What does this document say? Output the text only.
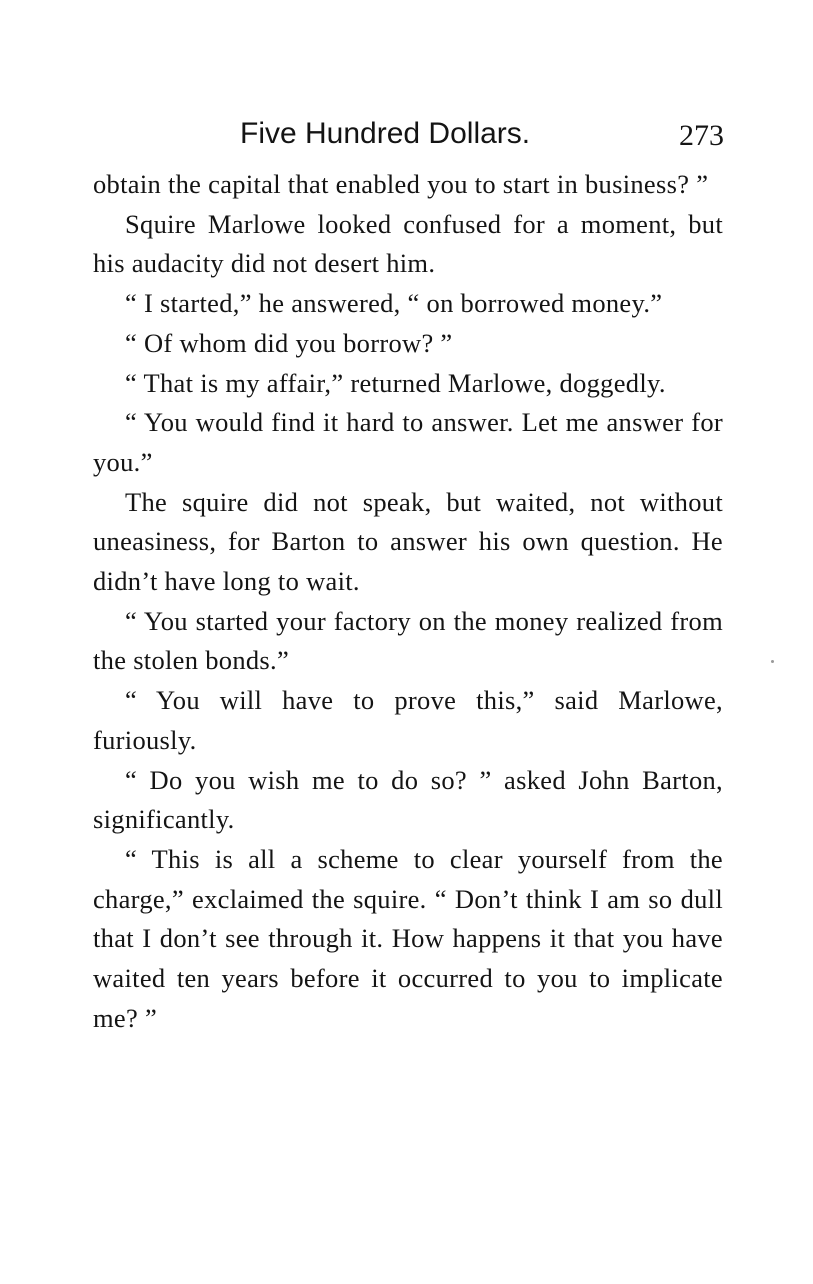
Five Hundred Dollars.	273

obtain the capital that enabled you to start in business? ”

Squire Marlowe looked confused for a moment, but his audacity did not desert him.

“ I started,” he answered, “ on borrowed money.”

“ Of whom did you borrow? ”

“ That is my affair,” returned Marlowe, doggedly.

“ You would find it hard to answer. Let me answer for you.”

The squire did not speak, but waited, not without uneasiness, for Barton to answer his own question. He didn’t have long to wait.

“ You started your factory on the money realized from the stolen bonds.”

“ You will have to prove this,” said Marlowe, furiously.

“ Do you wish me to do so? ” asked John Barton, significantly.

“ This is all a scheme to clear yourself from the charge,” exclaimed the squire. “ Don’t think I am so dull that I don’t see through it. How happens it that you have waited ten years before it occurred to you to implicate me? ”
